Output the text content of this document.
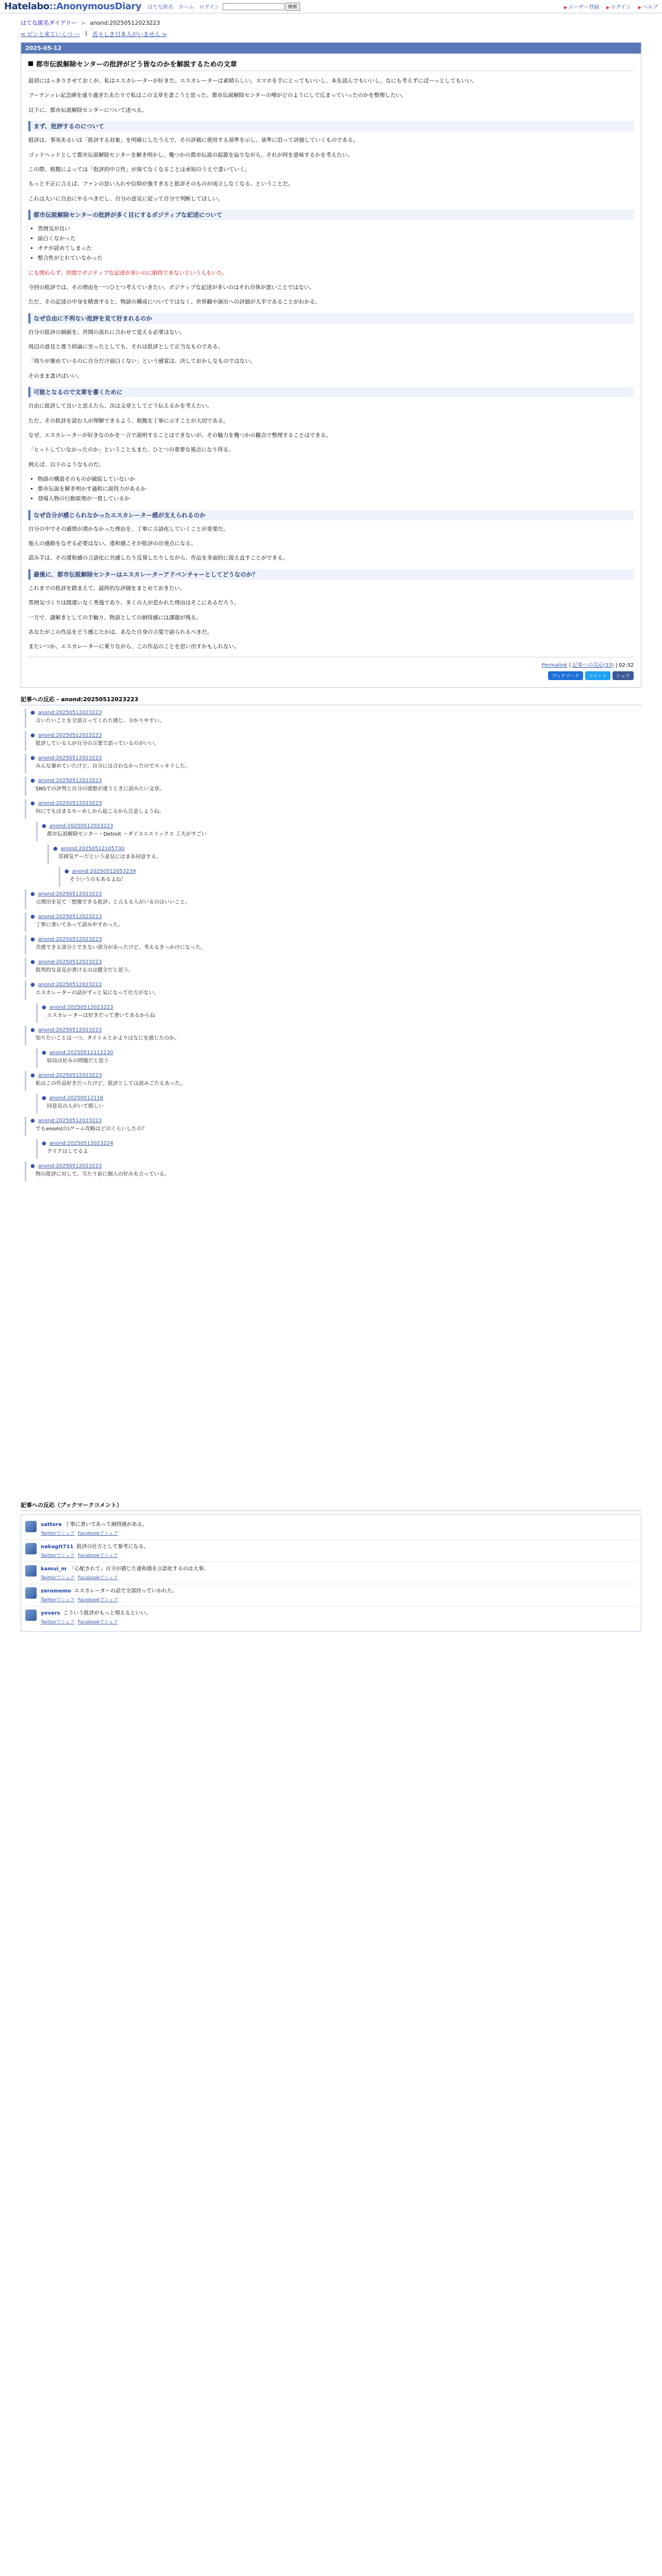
Hatelabo::AnonymousDiary はてな匿名 ホーム ログイン	検索	▶ ユーザー登録 ▶ ログイン ▶ ヘルプ
はてな匿名ダイアリー > anond:20250512023223
< ピンと来ていくつ ー | 苦々しき日本人がいません >
2025-05-12
都市伝説解除センターの批評がどう皆なのかを解説するための文章

最初にはっきりさせておくが、私はエスカレーターが好きだ。エスカレーターは素晴らしい。スマホを手にとってもいいし、本を読んでもいいし、なにも考えずにぼーっとしてもいい。

フーテンッレ記念碑を通り過ぎたあたりで私はこの文章を書こうと思った。都市伝説解除センターの噂がどのようにして広まっていったのかを整理したい。

以下に、都市伝説解除センターについて述べる。

まず、批評するのについて

批評は、事実あるいは「批評する対象」を明確にしたうえで、その評価に使用する基準を示し、基準に沿って評価していくものである。

ゴッドヘッドとして都市伝説解除センターを解き明かし、幾つかの都市伝説の起源を辿りながら、それが何を意味するかを考えたい。

この際、根拠によっては「批評的中立性」が保てなくなることは承知のうえで書いていく。

もっと不正に言えば、ファンの思い入れや信仰が強すぎると批評そのものが成立しなくなる、ということだ。

これは大いに自由にやるべきだし、自分の意見に従って自分で判断してほしい。

都市伝説解除センターの批評が多く目にするポジティブな記述について
• 雰囲気が良い
• 面白くなかった
• オチが読めてしまった
• 整合性がとれていなかった

にも関わらず、世間でポジティブな記述が多いのに納得できないという人もいた。

今回の批評では、その理由を一つひとつ考えていきたい。ポジティブな記述が多いのはそれ自体が悪いことではない。

ただ、その記述の中身を精査すると、物語の構成についてではなく、世界観や演出への評価が大半であることがわかる。

なぜ自由に不利ない批評を見て好まれるのか

自分の批評の価値を、世間の流れに合わせて変える必要はない。

周辺の意見と違う結論に至ったとしても、それは批評として正当なものである。

「周りが褒めているのに自分だけ面白くない」という感覚は、決しておかしなものではない。

そのまま書けばいい。

可能となるので文章を書くために

自由に批評して良いと思えたら、次は文章としてどう伝えるかを考えたい。

ただ、その批評を読む人が理解できるよう、根拠を丁寧に示すことが大切である。

なぜ、エスカレーターが好きなのかを一言で説明することはできないが、その魅力を幾つかの観点で整理することはできる。

「ヒットしていなかったのか」ということもまた、ひとつの重要な視点になり得る。

例えば、以下のようなものだ。

• 物語の構造そのものが破綻していないか
• 都市伝説を解き明かす過程に説得力があるか
• 登場人物の行動原理が一貫しているか
なぜ自分が感じられなかったエスカレーター感が支えられるのか

自分の中でその感情が湧かなかった理由を、丁寧に言語化していくことが重要だ。

他人の感動をなぞる必要はない。違和感こそが批評の出発点になる。

読み手は、その違和感の言語化に共感したり反発したりしながら、作品を多面的に捉え直すことができる。

最後に、都市伝説解除センターはエスカレーターアドベンチャーとしてどうなのか？

これまでの批評を踏まえて、最終的な評価をまとめておきたい。

雰囲気づくりは間違いなく秀逸であり、多くの人が惹かれた理由はそこにあるだろう。

一方で、謎解きとしての手触り、物語としての納得感には課題が残る。

あなたがこの作品をどう感じたかは、あなた自身の言葉で語られるべきだ。

またいつか、エスカレーターに乗りながら、この作品のことを思い出すかもしれない。

Permalink | 記事への反応(33) | 02:32
ブックマーク	ツイート	シェア
記事への反応 - anond:20250512023223
● anond:20250512023223
言いたいことを全部言ってくれた感じ。分かりやすい。
● anond:20250512023223
批評している人が自分の言葉で語っているのがいい。
● anond:20250512023223
みんな褒めていたけど、自分には合わなかったのでスッキリした。
● anond:20250512023223
SNSでの評判と自分の感想が違うときに読みたい文章。
● anond:20250512023223
何にでもはまるモーめしから起こるから注意しようね。
● anond:20250512023223
都市伝説解除センター・Detroit ・ダイスエスリックス 工夫がすごい
● anond:20250512105730
雰囲気ゲーだという意見にはまあ同意する。
● anond:20250512053239
そういうのもあるよね！
● anond:20250512023223
元増田を見て「想像できる批評」と言える人がいるのはいいこと。
● anond:20250512023223
丁寧に書いてあって読みやすかった。
● anond:20250512023223
共感できる部分とできない部分があったけど、考えるきっかけになった。
● anond:20250512023223
批判的な意見が書けるのは健全だと思う。
● anond:20250512023223
エスカレーターの話がずっと気になって仕方がない。
● anond:20250512023223
エスカレーターは好きだって書いてあるからね
● anond:20250512023223
知りたいことは一つ、タイトルとかよりはなにを感じたのか。
● anond:20250512112230
結局は好みの問題だと思う
● anond:20250512023223
私はこの作品好きだったけど、批評としては読みごたえあった。
● anond:20250512116
同意見の人がいて嬉しい
● anond:20250512023223
でもenom(の)ゲーム攻略はどのくらいしたの？
● anond:20250512023224
クリアはしてるよ
● anond:20250512023223
物の批評に対して、当たり前に個人の好みを言っている。
記事への反応（ブックマークコメント）
sattore 丁寧に書いてあって納得感がある。
Twitterでシェア Facebookでシェア
nakagit711 批評の仕方として参考になる。
Twitterでシェア Facebookでシェア
kamui_m 「心配されて」自分が感じた違和感を言語化するのは大事。
Twitterでシェア Facebookでシェア
zeromemo エスカレーターの話で全部持っていかれた。
Twitterでシェア Facebookでシェア
yovers こういう批評がもっと増えるといい。
Twitterでシェア Facebookでシェア
